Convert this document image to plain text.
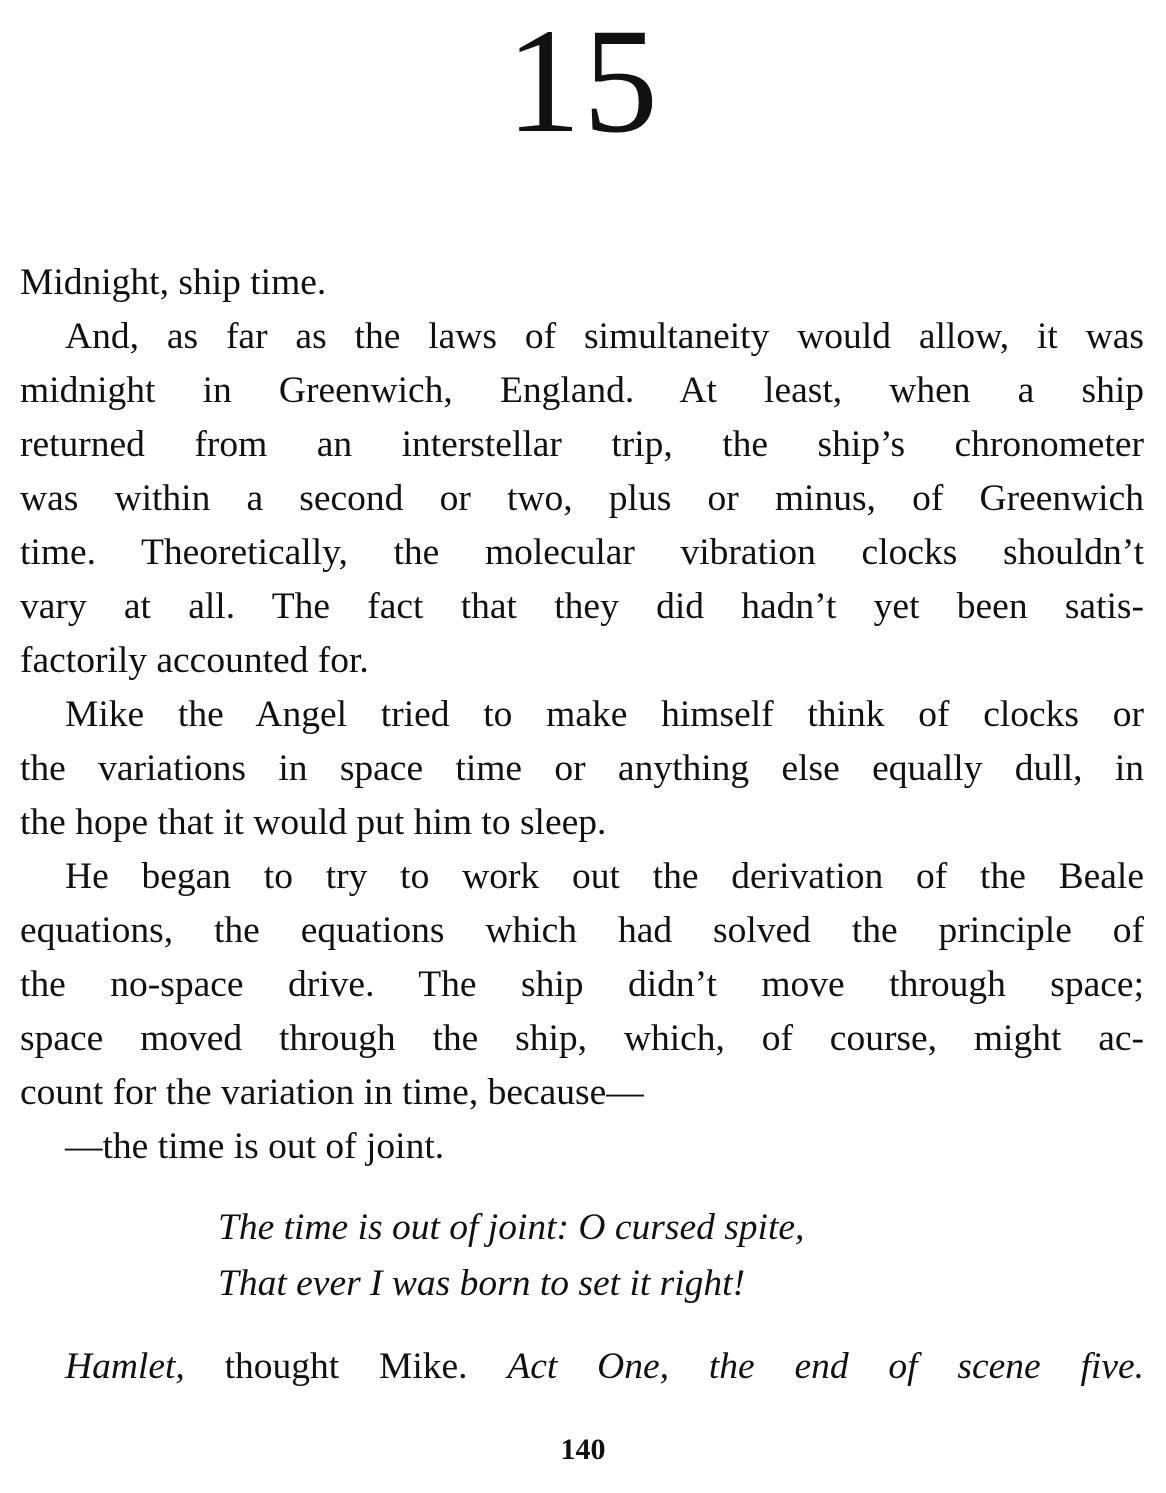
15
Midnight, ship time.
And, as far as the laws of simultaneity would allow, it was
midnight in Greenwich, England. At least, when a ship
returned from an interstellar trip, the ship’s chronometer
was within a second or two, plus or minus, of Greenwich
time. Theoretically, the molecular vibration clocks shouldn’t
vary at all. The fact that they did hadn’t yet been satis-
factorily accounted for.
Mike the Angel tried to make himself think of clocks or
the variations in space time or anything else equally dull, in
the hope that it would put him to sleep.
He began to try to work out the derivation of the Beale
equations, the equations which had solved the principle of
the no-space drive. The ship didn’t move through space;
space moved through the ship, which, of course, might ac-
count for the variation in time, because—
—the time is out of joint.
The time is out of joint: O cursed spite,
That ever I was born to set it right!
Hamlet, thought Mike. Act One, the end of scene five.
140
